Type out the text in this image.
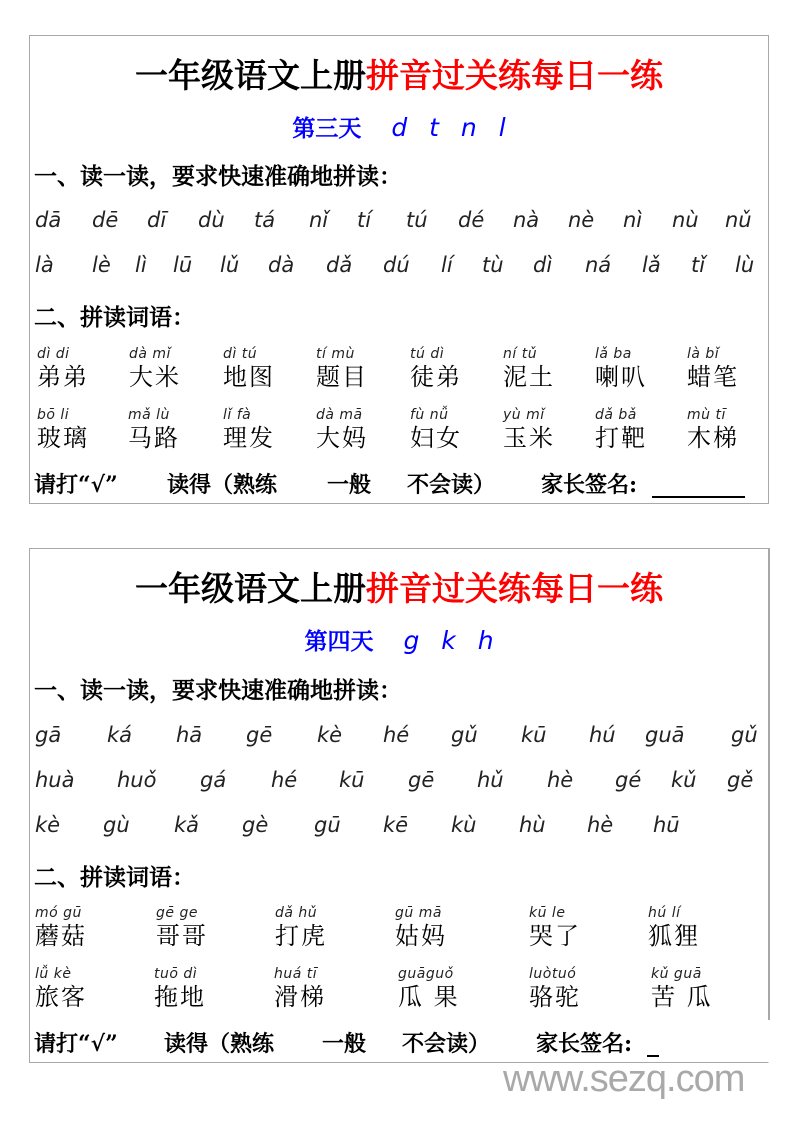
一年级语文上册拼音过关练每日一练
第三天 d t n l
一、读一读，要求快速准确地拼读：
dā dē dī dù tá nǐ tí tú dé nà nè nì nù nǔ
là lè lì lū lǔ dà dǎ dú lí tù dì ná lǎ tǐ lù
二、拼读词语：
dì di
弟弟
dà mǐ
大米
dì tú
地图
tí mù
题目
tú dì
徒弟
ní tǔ
泥土
lǎ ba
喇叭
là bǐ
蜡笔
bō li
玻璃
mǎ lù
马路
lǐ fà
理发
dà mā
大妈
fù nǚ
妇女
yù mǐ
玉米
dǎ bǎ
打靶
mù tī
木梯
请打“√” 读得（熟练 一般 不会读） 家长签名:
一年级语文上册拼音过关练每日一练
第四天 g k h
一、读一读，要求快速准确地拼读：
gā ká hā gē kè hé gǔ kū hú guā gǔ
huà huǒ gá hé kū gē hǔ hè gé kǔ gě
kè gù kǎ gè gū kē kù hù hè hū
二、拼读词语：
mó gū
蘑菇
gē ge
哥哥
dǎ hǔ
打虎
gū mā
姑妈
kū le
哭了
hú lí
狐狸
lǚ kè
旅客
tuō dì
拖地
huá tī
滑梯
guāguǒ
瓜 果
luòtuó
骆驼
kǔ guā
苦 瓜
请打“√” 读得（熟练 一般 不会读） 家长签名:
www.sezq.com
